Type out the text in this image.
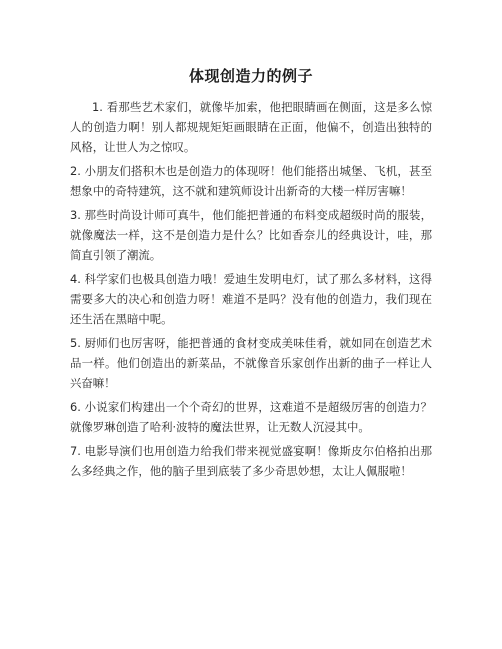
体现创造力的例子

1. 看那些艺术家们，就像毕加索，他把眼睛画在侧面，这是多么惊人的创造力啊！别人都规规矩矩画眼睛在正面，他偏不，创造出独特的风格，让世人为之惊叹。

2. 小朋友们搭积木也是创造力的体现呀！他们能搭出城堡、飞机，甚至想象中的奇特建筑，这不就和建筑师设计出新奇的大楼一样厉害嘛！

3. 那些时尚设计师可真牛，他们能把普通的布料变成超级时尚的服装，就像魔法一样，这不是创造力是什么？比如香奈儿的经典设计，哇，那简直引领了潮流。

4. 科学家们也极具创造力哦！爱迪生发明电灯，试了那么多材料，这得需要多大的决心和创造力呀！难道不是吗？没有他的创造力，我们现在还生活在黑暗中呢。

5. 厨师们也厉害呀，能把普通的食材变成美味佳肴，就如同在创造艺术品一样。他们创造出的新菜品，不就像音乐家创作出新的曲子一样让人兴奋嘛！

6. 小说家们构建出一个个奇幻的世界，这难道不是超级厉害的创造力？就像罗琳创造了哈利·波特的魔法世界，让无数人沉浸其中。

7. 电影导演们也用创造力给我们带来视觉盛宴啊！像斯皮尔伯格拍出那么多经典之作，他的脑子里到底装了多少奇思妙想，太让人佩服啦！
